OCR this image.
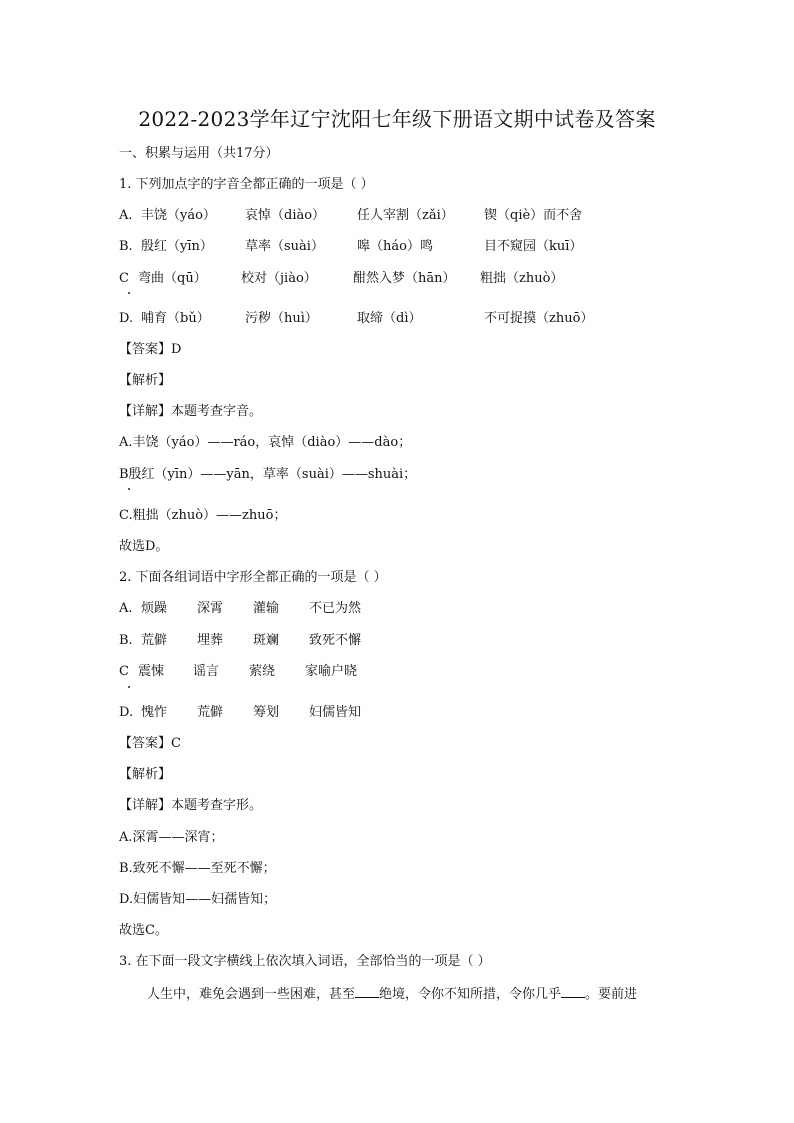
2022-2023学年辽宁沈阳七年级下册语文期中试卷及答案
一、积累与运用（共17分）
1. 下列加点字的字音全都正确的一项是（ ）
A. 丰饶（yáo） 哀悼（diào） 任人宰割（zǎi） 锲（qiè）而不舍
B. 殷红（yīn） 草率（suài）	嗥（háo）鸣	目不窥园（kuī）
C 弯曲（qū）	校对（jiào）	酣然入梦（hān） 粗拙（zhuò）
D. 哺育（bǔ）	污秽（huì）	取缔（dì）	不可捉摸（zhuō）
【答案】D
【解析】
【详解】本题考查字音。
A.丰饶（yáo）——ráo，哀悼（diào）——dào；
B殷红（yīn）——yān，草率（suài）——shuài；
C.粗拙（zhuò）——zhuō；
故选D。
2. 下面各组词语中字形全都正确的一项是（ ）
A. 烦躁 深霄 灌输 不已为然
B. 荒僻 埋葬 斑斓 致死不懈
C 震悚 谣言 萦绕 家喻户晓
D. 愧怍 荒僻 筹划 妇儒皆知
【答案】C
【解析】
【详解】本题考查字形。
A.深霄——深宵；
B.致死不懈——至死不懈；
D.妇儒皆知——妇孺皆知；
故选C。
3. 在下面一段文字横线上依次填入词语，全部恰当的一项是（ ）
人生中，难免会遇到一些困难，甚至 绝境，令你不知所措，令你几乎 。要前进
